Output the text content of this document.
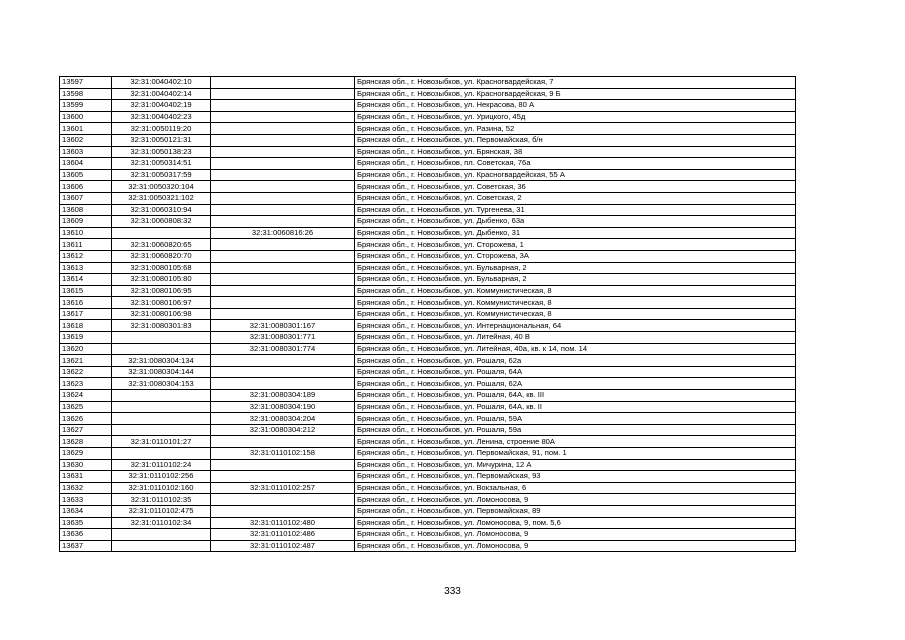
13597	32:31:0040402:10		Брянская обл., г. Новозыбков, ул. Красногвардейская, 7
13598	32:31:0040402:14		Брянская обл., г. Новозыбков, ул. Красногвардейская, 9 Б
13599	32:31:0040402:19		Брянская обл., г. Новозыбков, ул. Некрасова, 80 А
13600	32:31:0040402:23		Брянская обл., г. Новозыбков, ул. Урицкого, 45д
13601	32:31:0050119:20		Брянская обл., г. Новозыбков, ул. Разина, 52
13602	32:31:0050121:31		Брянская обл., г. Новозыбков, ул. Первомайская, б/н
13603	32:31:0050138:23		Брянская обл., г. Новозыбков, ул. Брянская, 38
13604	32:31:0050314:51		Брянская обл., г. Новозыбков, пл. Советская, 76а
13605	32:31:0050317:59		Брянская обл., г. Новозыбков, ул. Красногвардейская, 55 А
13606	32:31:0050320:104		Брянская обл., г. Новозыбков, ул. Советская, 36
13607	32:31:0050321:102		Брянская обл., г. Новозыбков, ул. Советская, 2
13608	32:31:0060310:94		Брянская обл., г. Новозыбков, ул. Тургенева, 31
13609	32:31:0060808:32		Брянская обл., г. Новозыбков, ул. Дыбенко, 63а
13610		32:31:0060816:26	Брянская обл., г. Новозыбков, ул. Дыбенко, 31
13611	32:31:0060820:65		Брянская обл., г. Новозыбков, ул. Сторожева, 1
13612	32:31:0060820:70		Брянская обл., г. Новозыбков, ул. Сторожева, 3А
13613	32:31:0080105:68		Брянская обл., г. Новозыбков, ул. Бульварная, 2
13614	32:31:0080105:80		Брянская обл., г. Новозыбков, ул. Бульварная, 2
13615	32:31:0080106:95		Брянская обл., г. Новозыбков, ул. Коммунистическая, 8
13616	32:31:0080106:97		Брянская обл., г. Новозыбков, ул. Коммунистическая, 8
13617	32:31:0080106:98		Брянская обл., г. Новозыбков, ул. Коммунистическая, 8
13618	32:31:0080301:83	32:31:0080301:167	Брянская обл., г. Новозыбков, ул. Интернациональная, 64
13619		32:31:0080301:771	Брянская обл., г. Новозыбков, ул. Литейная, 40 В
13620		32:31:0080301:774	Брянская обл., г. Новозыбков, ул. Литейная, 40а, кв. к 14, пом. 14
13621	32:31:0080304:134		Брянская обл., г. Новозыбков, ул. Рошаля, 62а
13622	32:31:0080304:144		Брянская обл., г. Новозыбков, ул. Рошаля, 64А
13623	32:31:0080304:153		Брянская обл., г. Новозыбков, ул. Рошаля, 62А
13624		32:31:0080304:189	Брянская обл., г. Новозыбков, ул. Рошаля, 64А, кв. III
13625		32:31:0080304:190	Брянская обл., г. Новозыбков, ул. Рошаля, 64А, кв. II
13626		32:31:0080304:204	Брянская обл., г. Новозыбков, ул. Рошаля, 59А
13627		32:31:0080304:212	Брянская обл., г. Новозыбков, ул. Рошаля, 59а
13628	32:31:0110101:27		Брянская обл., г. Новозыбков, ул. Ленина, строение 80А
13629		32:31:0110102:158	Брянская обл., г. Новозыбков, ул. Первомайская, 91, пом. 1
13630	32:31:0110102:24		Брянская обл., г. Новозыбков, ул. Мичурина, 12 А
13631	32:31:0110102:256		Брянская обл., г. Новозыбков, ул. Первомайская, 93
13632	32:31:0110102:160	32:31:0110102:257	Брянская обл., г. Новозыбков, ул. Вокзальная, 6
13633	32:31:0110102:35		Брянская обл., г. Новозыбков, ул. Ломоносова, 9
13634	32:31:0110102:475		Брянская обл., г. Новозыбков, ул. Первомайская, 89
13635	32:31:0110102:34	32:31:0110102:480	Брянская обл., г. Новозыбков, ул. Ломоносова, 9, пом. 5,6
13636		32:31:0110102:486	Брянская обл., г. Новозыбков, ул. Ломоносова, 9
13637		32:31:0110102:487	Брянская обл., г. Новозыбков, ул. Ломоносова, 9
333
